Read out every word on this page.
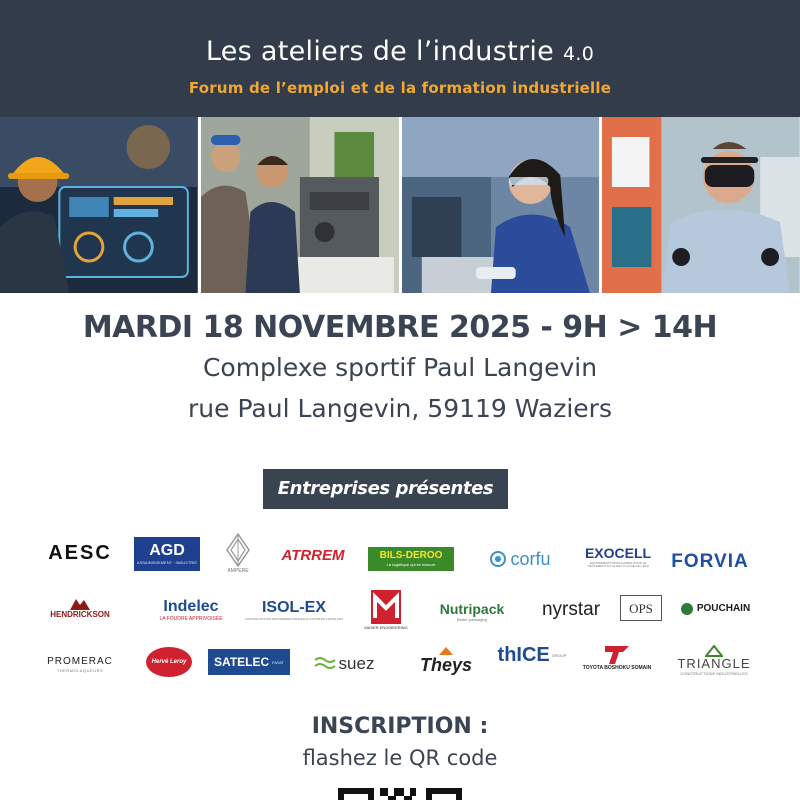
Les ateliers de l’industrie 4.0
Forum de l’emploi et de la formation industrielle
MARDI 18 NOVEMBRE 2025 - 9H > 14H
Complexe sportif Paul Langevin
rue Paul Langevin, 59119 Waziers
Entreprises présentes
AESC AGD
ASSAINISSEMENT · INDUSTRIE
AMPERE
ATRREM	BILS-DEROO
La logistique qui se mesure	corfu EXOCELL
ÉQUIPEMENTS MODULAIRES POUR LE TRAITEMENT ET LE RECYCLAGE DE L’EAU FORVIA
HENDRICKSON	Indelec
LA FOUDRE APPRIVOISÉE
ISOL-EX
CONSTRUCTIONS ISOTHERMES PANNEAUX & PORTES COUPE-FEU
MASER ENGINEERING
Nutripack
Better packaging	nyrstar OPS	POUCHAIN
PROMERAC
THERMOLAQUEURS
Hervé Leroy SATELEC FAYAT	suez	Theys thICE GROUP
TOYOTA BOSHOKU SOMAIN TRIANGLE
CONSTRUCTIONS INDUSTRIELLES
INSCRIPTION :
flashez le QR code
